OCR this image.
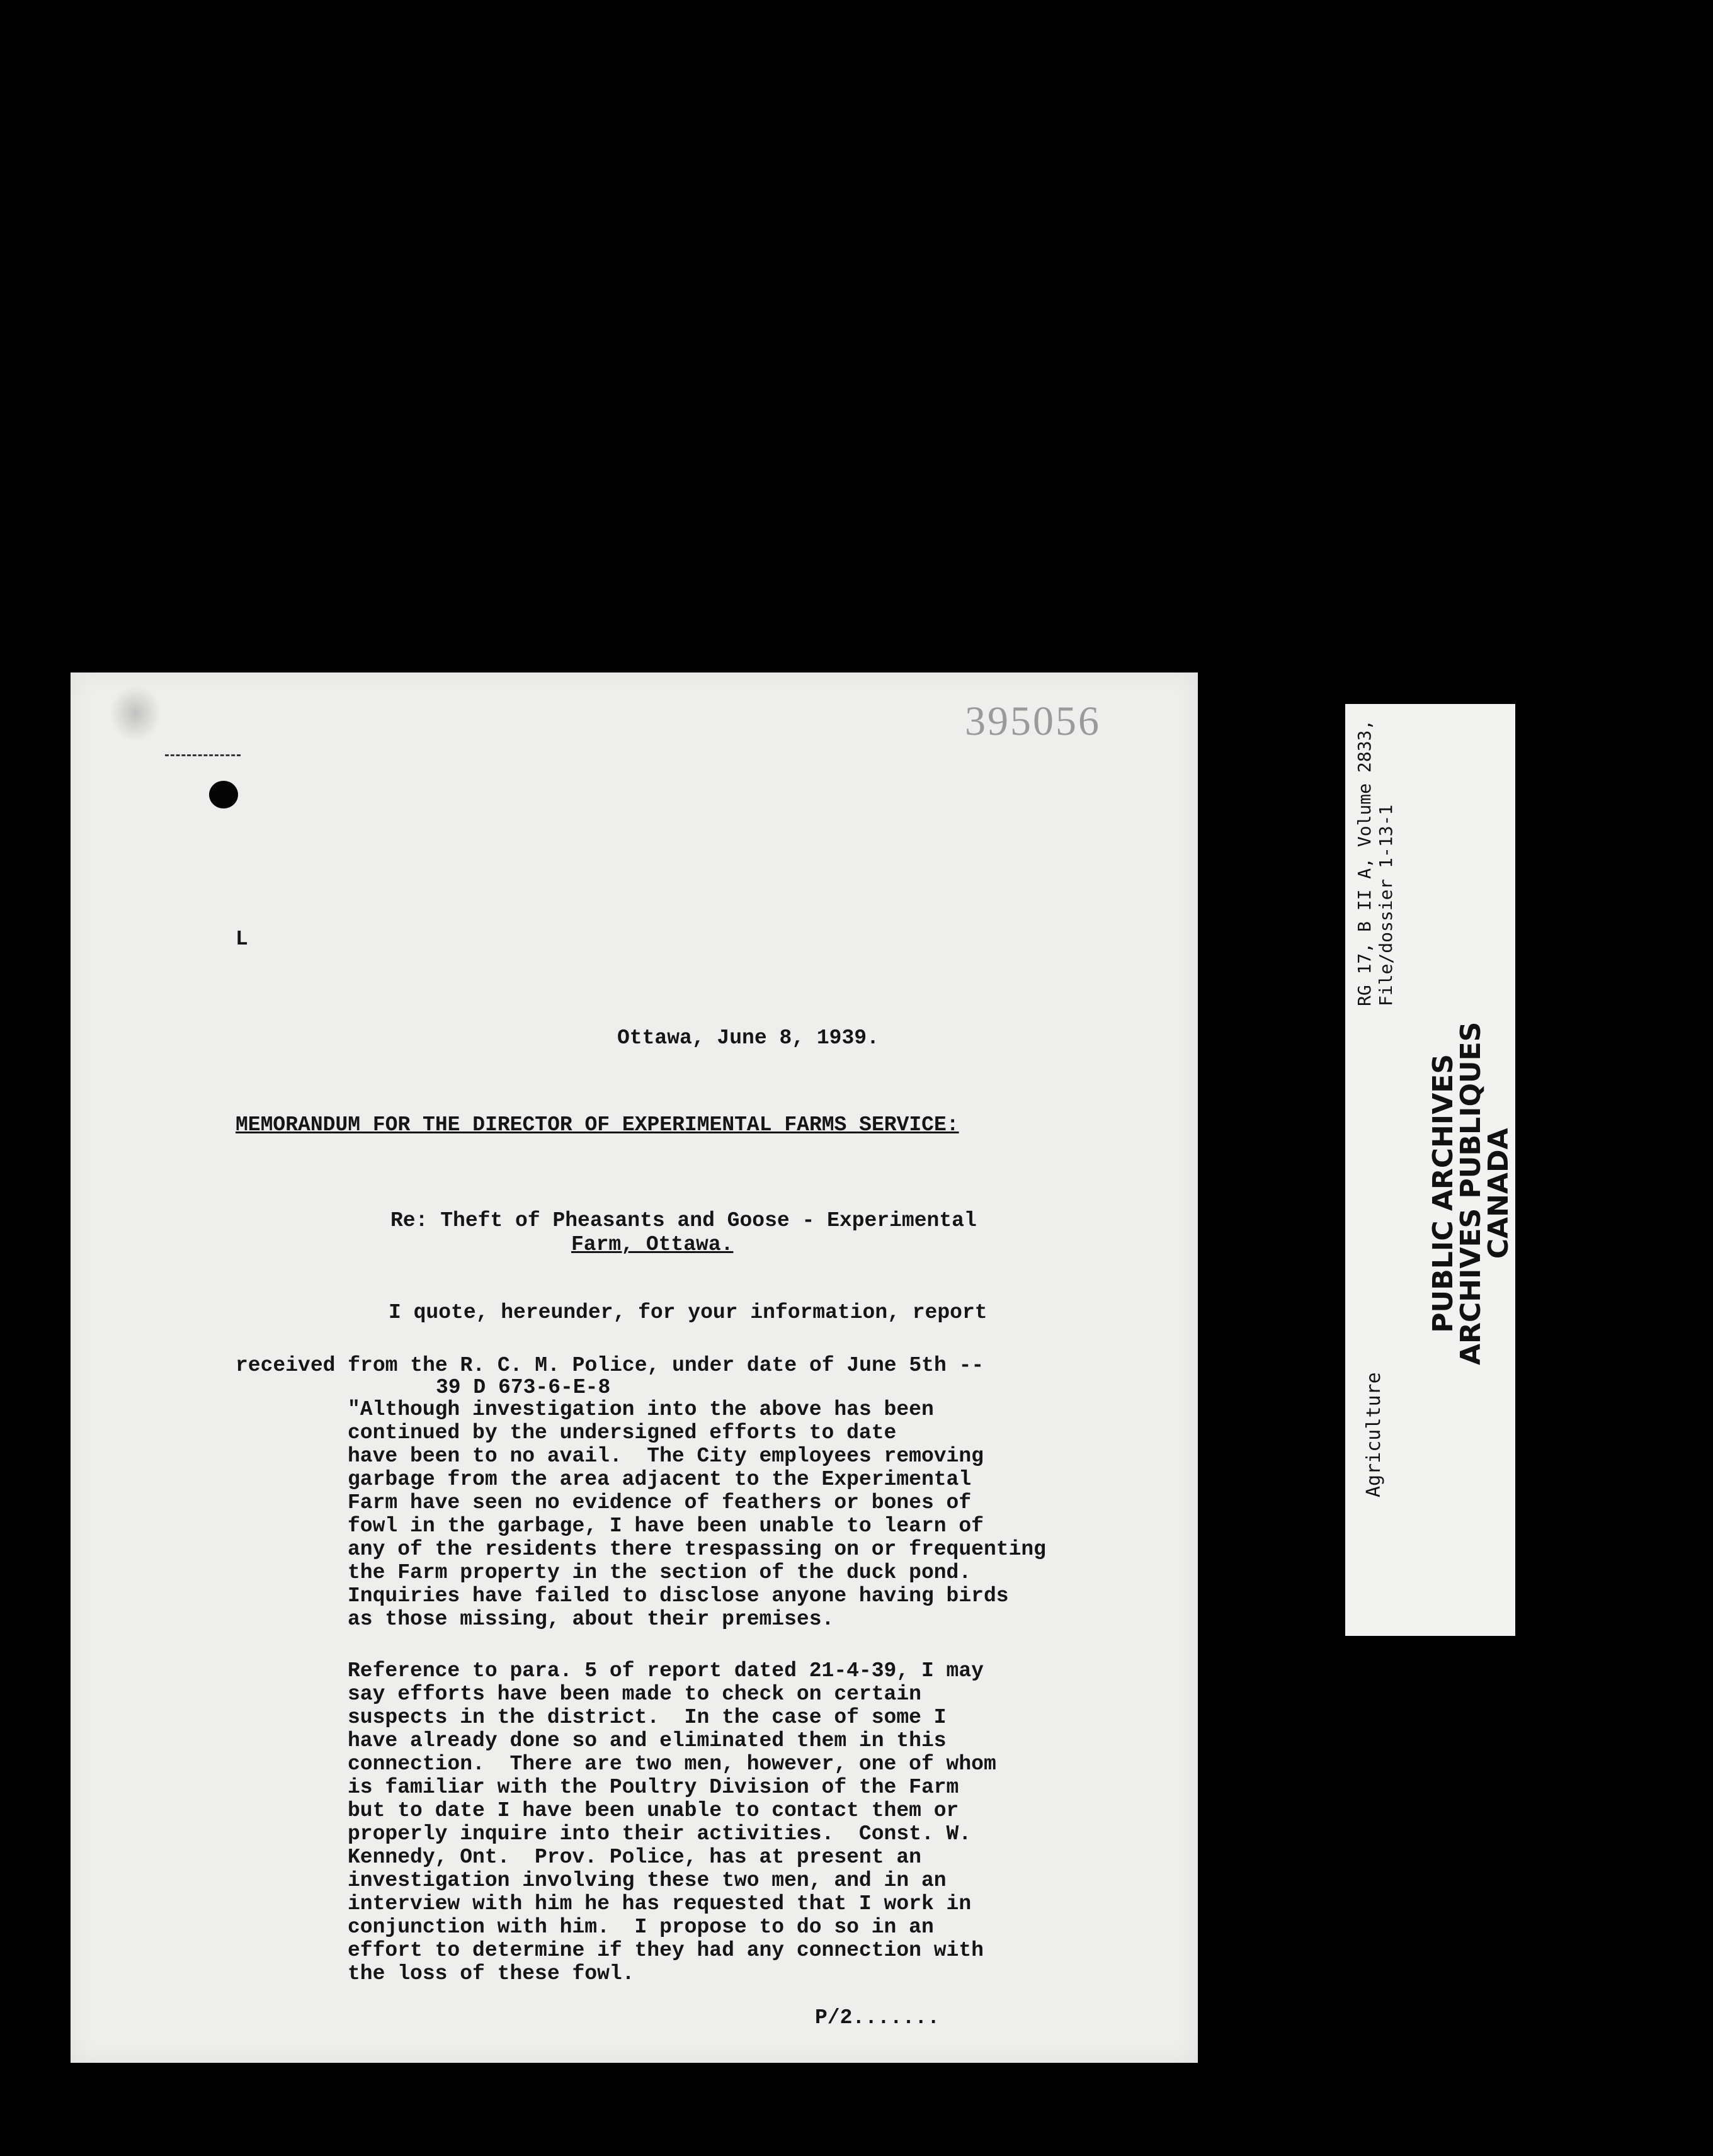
395056

L

Ottawa, June 8, 1939.

MEMORANDUM FOR THE DIRECTOR OF EXPERIMENTAL FARMS SERVICE:

Re: Theft of Pheasants and Goose - Experimental

Farm, Ottawa.

I quote, hereunder, for your information, report

received from the R. C. M. Police, under date of June 5th --

39 D 673-6-E-8

"Although investigation into the above has been
continued by the undersigned efforts to date
have been to no avail.  The City employees removing
garbage from the area adjacent to the Experimental
Farm have seen no evidence of feathers or bones of
fowl in the garbage, I have been unable to learn of
any of the residents there trespassing on or frequenting
the Farm property in the section of the duck pond.
Inquiries have failed to disclose anyone having birds
as those missing, about their premises.

Reference to para. 5 of report dated 21-4-39, I may
say efforts have been made to check on certain
suspects in the district.  In the case of some I
have already done so and eliminated them in this
connection.  There are two men, however, one of whom
is familiar with the Poultry Division of the Farm
but to date I have been unable to contact them or
properly inquire into their activities.  Const. W.
Kennedy, Ont.  Prov. Police, has at present an
investigation involving these two men, and in an
interview with him he has requested that I work in
conjunction with him.  I propose to do so in an
effort to determine if they had any connection with
the loss of these fowl.

P/2.......

RG 17, B II A, Volume 2833, File/dossier 1-13-1
Agriculture
PUBLIC ARCHIVES
ARCHIVES PUBLIQUES
CANADA
